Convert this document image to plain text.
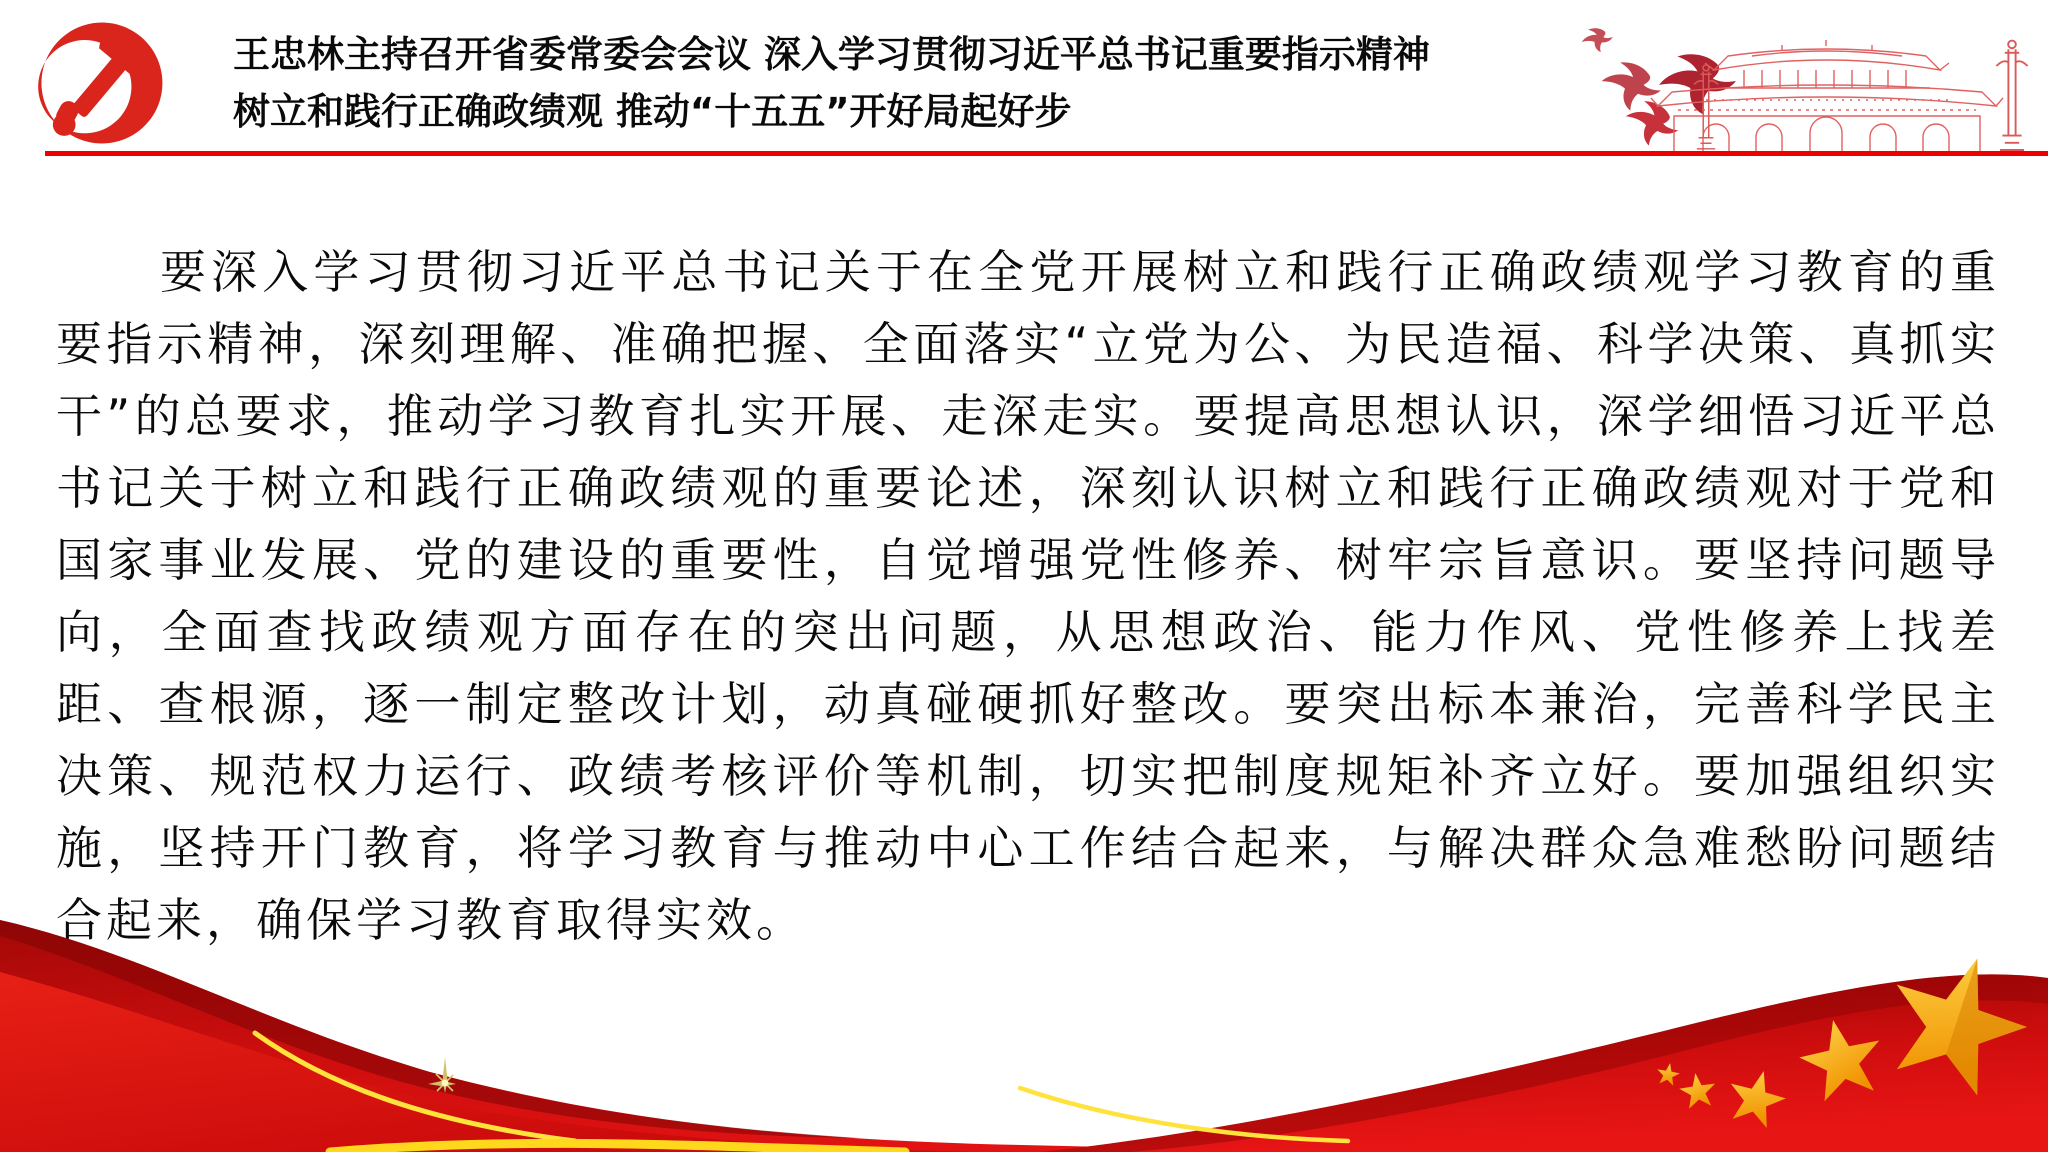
王忠林主持召开省委常委会会议 深入学习贯彻习近平总书记重要指示精神
树立和践行正确政绩观 推动“十五五”开好局起好步

要深入学习贯彻习近平总书记关于在全党开展树立和践行正确政绩观学习教育的重要指示精神，深刻理解、准确把握、全面落实“立党为公、为民造福、科学决策、真抓实干”的总要求，推动学习教育扎实开展、走深走实。要提高思想认识，深学细悟习近平总书记关于树立和践行正确政绩观的重要论述，深刻认识树立和践行正确政绩观对于党和国家事业发展、党的建设的重要性，自觉增强党性修养、树牢宗旨意识。要坚持问题导向，全面查找政绩观方面存在的突出问题，从思想政治、能力作风、党性修养上找差距、查根源，逐一制定整改计划，动真碰硬抓好整改。要突出标本兼治，完善科学民主决策、规范权力运行、政绩考核评价等机制，切实把制度规矩补齐立好。要加强组织实施，坚持开门教育，将学习教育与推动中心工作结合起来，与解决群众急难愁盼问题结合起来，确保学习教育取得实效。
